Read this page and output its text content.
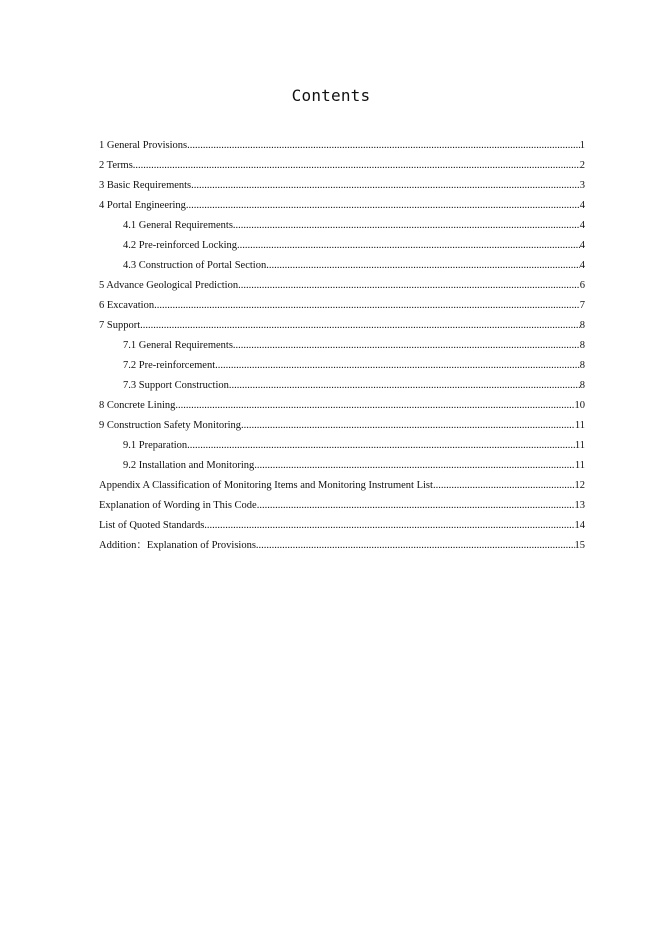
Contents
1 General Provisions .....	1
2 Terms .....	2
3 Basic Requirements .....	3
4 Portal Engineering .....	4
4.1 General Requirements .....	4
4.2 Pre-reinforced Locking .....	4
4.3 Construction of Portal Section .....	4
5 Advance Geological Prediction .....	6
6 Excavation .....	7
7 Support .....	8
7.1 General Requirements .....	8
7.2 Pre-reinforcement .....	8
7.3 Support Construction .....	8
8 Concrete Lining .....	10
9 Construction Safety Monitoring .....	11
9.1 Preparation .....	11
9.2 Installation and Monitoring .....	11
Appendix A Classification of Monitoring Items and Monitoring Instrument List .....	12
Explanation of Wording in This Code .....	13
List of Quoted Standards .....	14
Addition：Explanation of Provisions .....	15
